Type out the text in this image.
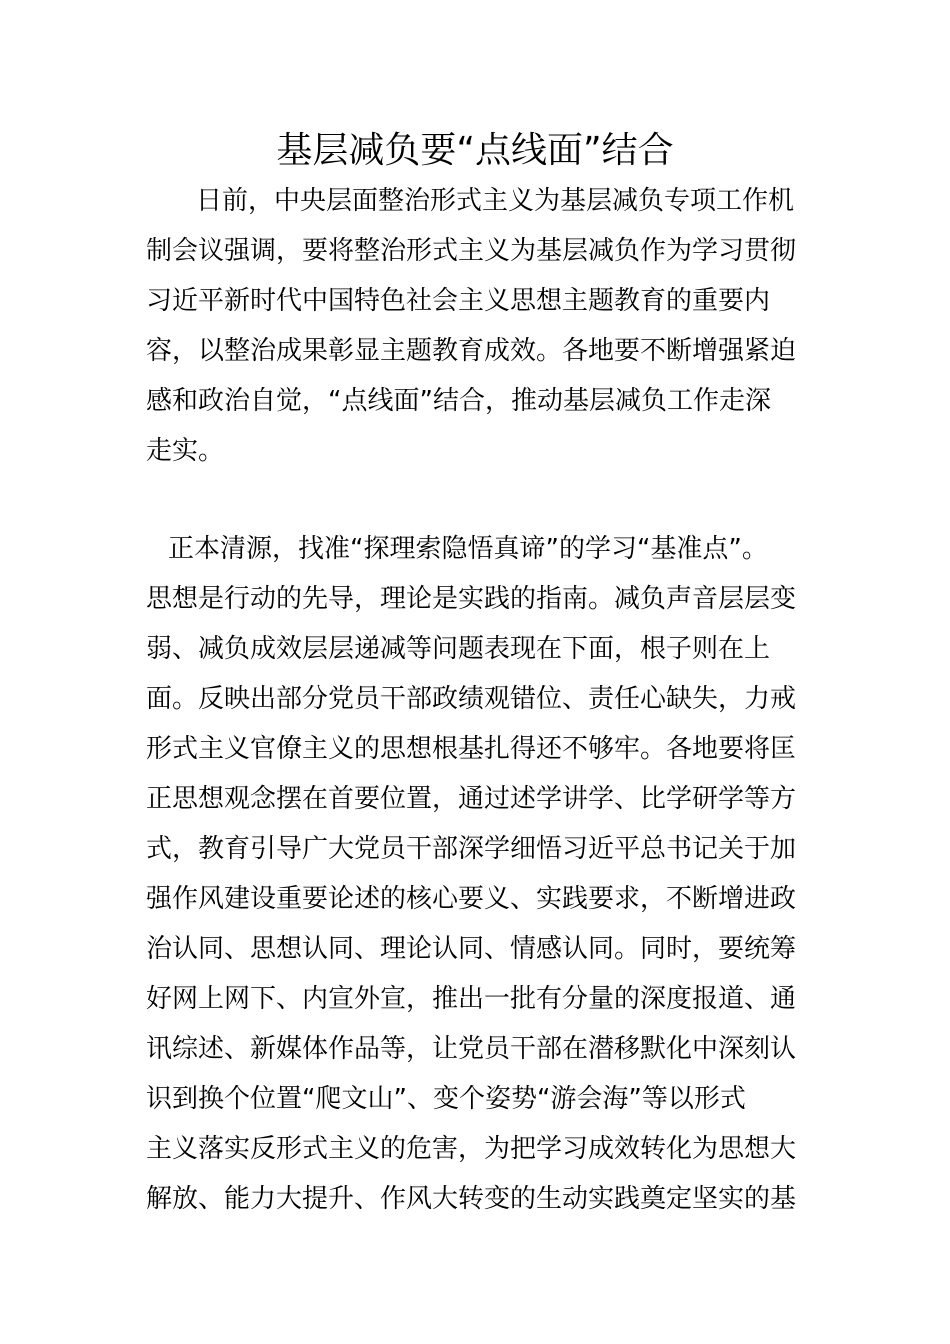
基层减负要“点线面”结合
日前，中央层面整治形式主义为基层减负专项工作机
制会议强调，要将整治形式主义为基层减负作为学习贯彻
习近平新时代中国特色社会主义思想主题教育的重要内
容，以整治成果彰显主题教育成效。各地要不断增强紧迫
感和政治自觉，“点线面”结合，推动基层减负工作走深
走实。
正本清源，找准“探理索隐悟真谛”的学习“基准点”。
思想是行动的先导，理论是实践的指南。减负声音层层变
弱、减负成效层层递减等问题表现在下面，根子则在上
面。反映出部分党员干部政绩观错位、责任心缺失，力戒
形式主义官僚主义的思想根基扎得还不够牢。各地要将匡
正思想观念摆在首要位置，通过述学讲学、比学研学等方
式，教育引导广大党员干部深学细悟习近平总书记关于加
强作风建设重要论述的核心要义、实践要求，不断增进政
治认同、思想认同、理论认同、情感认同。同时，要统筹
好网上网下、内宣外宣，推出一批有分量的深度报道、通
讯综述、新媒体作品等，让党员干部在潜移默化中深刻认
识到换个位置“爬文山”、变个姿势“游会海”等以形式
主义落实反形式主义的危害，为把学习成效转化为思想大
解放、能力大提升、作风大转变的生动实践奠定坚实的基
